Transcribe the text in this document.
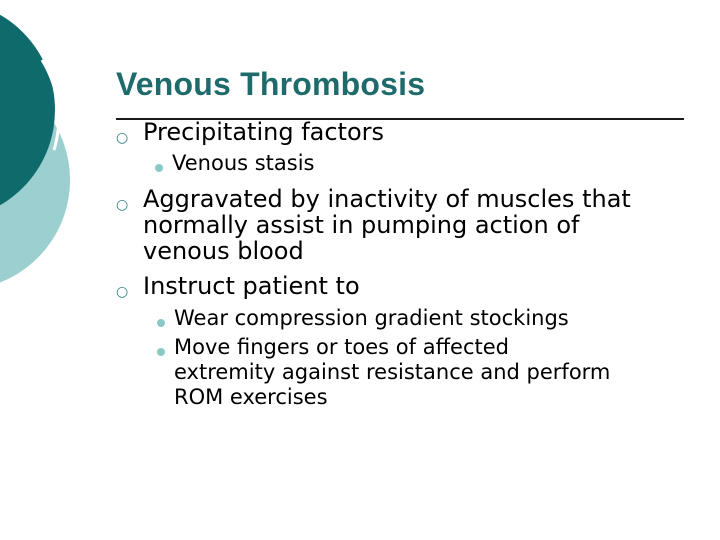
Venous Thrombosis
○ Precipitating factors
Venous stasis
○ Aggravated by inactivity of muscles that normally assist in pumping action of venous blood
○ Instruct patient to
Wear compression gradient stockings
Move fingers or toes of affected extremity against resistance and perform ROM exercises
